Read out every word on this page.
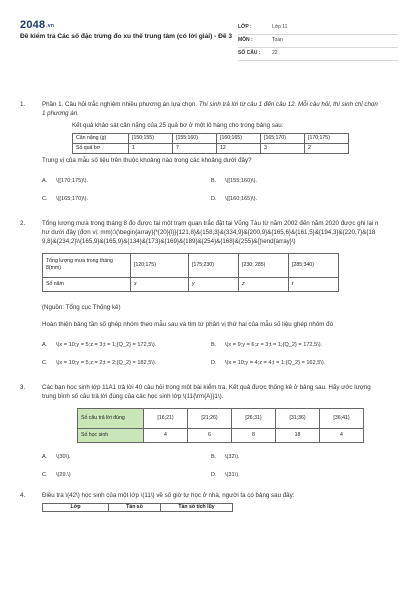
2048.vn
Đề kiểm tra Các số đặc trưng đo xu thế trung tâm (có lời giải) - Đề 3
LỚP :	Lớp 11
MÔN :	Toán
SỐ CÂU :	22
1.	Phần 1. Câu hỏi trắc nghiệm nhiều phương án lựa chọn. Thí sinh trả lời từ câu 1 đến câu 12. Mỗi câu hỏi, thí sinh chỉ chọn 1 phương án.
Kết quả khảo sát cân nặng của 25 quả bơ ở một lô hàng cho trong bảng sau:
Cân nặng (g)	[150;155)	[155;160)	[160;165)	[165;170)	[170;175)
Số quả bơ	1	7	12	3	2
Trung vị của mẫu số liệu trên thuộc khoảng nào trong các khoảng dưới đây?
A.	\([170;175)\).	B.	\([155;160)\).
C.	\([165;170)\).	D.	\([160;165)\).
2.	Tổng lượng mưa trong tháng 8 đo được tại một trạm quan trắc đặt tại Vũng Tàu từ năm 2002 đến năm 2020 được ghi lại như dưới đây (đơn vị: mm):\(\begin{array}{*{20}{l}}{121,8}&{158,3}&{334,9}&{200,9}&{165,6}&{161,5}&{194,3}&{220,7}&{189,8}&{234,2}\\{165,9}&{165,9}&{134}&{173}&{169}&{189}&{254}&{168}&{255}&{}\end{array}\)
Tổng lượng mưa trong tháng 8(mm)	[120;175)	[175;230)	[230; 285)	[285;340)
Số năm	x	y	z	t
(Nguồn: Tổng cục Thống kê)
Hoàn thiện bảng tần số ghép nhóm theo mẫu sau và tìm tứ phân vị thứ hai của mẫu số liệu ghép nhóm đó
A.	\(x = 10;y = 5;z = 3;t = 1;{Q_2} = 172,5\).	B.	\(x = 9;y = 6;z = 3;t = 1;{Q_2} = 172,5\).
C.	\(x = 10;y = 5;z = 2;t = 2;{Q_2} = 182,5\).	D.	\(x = 10;y = 4;z = 4;t = 1;{Q_2} = 162,5\).
3.	Các bạn học sinh lớp 11A1 trả lời 40 câu hỏi trong một bài kiểm tra. Kết quả được thống kê ở bảng sau. Hãy ước lượng trung bình số câu trả lời đúng của các học sinh lớp \(11{\rm{A}}1\).
Số câu trả lời đúng	[16;21)	[21;26)	[26;31)	[31;36)	[36;41)
Số học sinh	4	6	8	18	4
A.	\(30\).	B.	\(32\).
C.	\(29.\)	D.	\(31\).
4.	Điều tra \(42\) học sinh của một lớp \(11\) về số giờ tự học ở nhà, người ta có bảng sau đây:
Lớp	Tần số	Tần số tích lũy
